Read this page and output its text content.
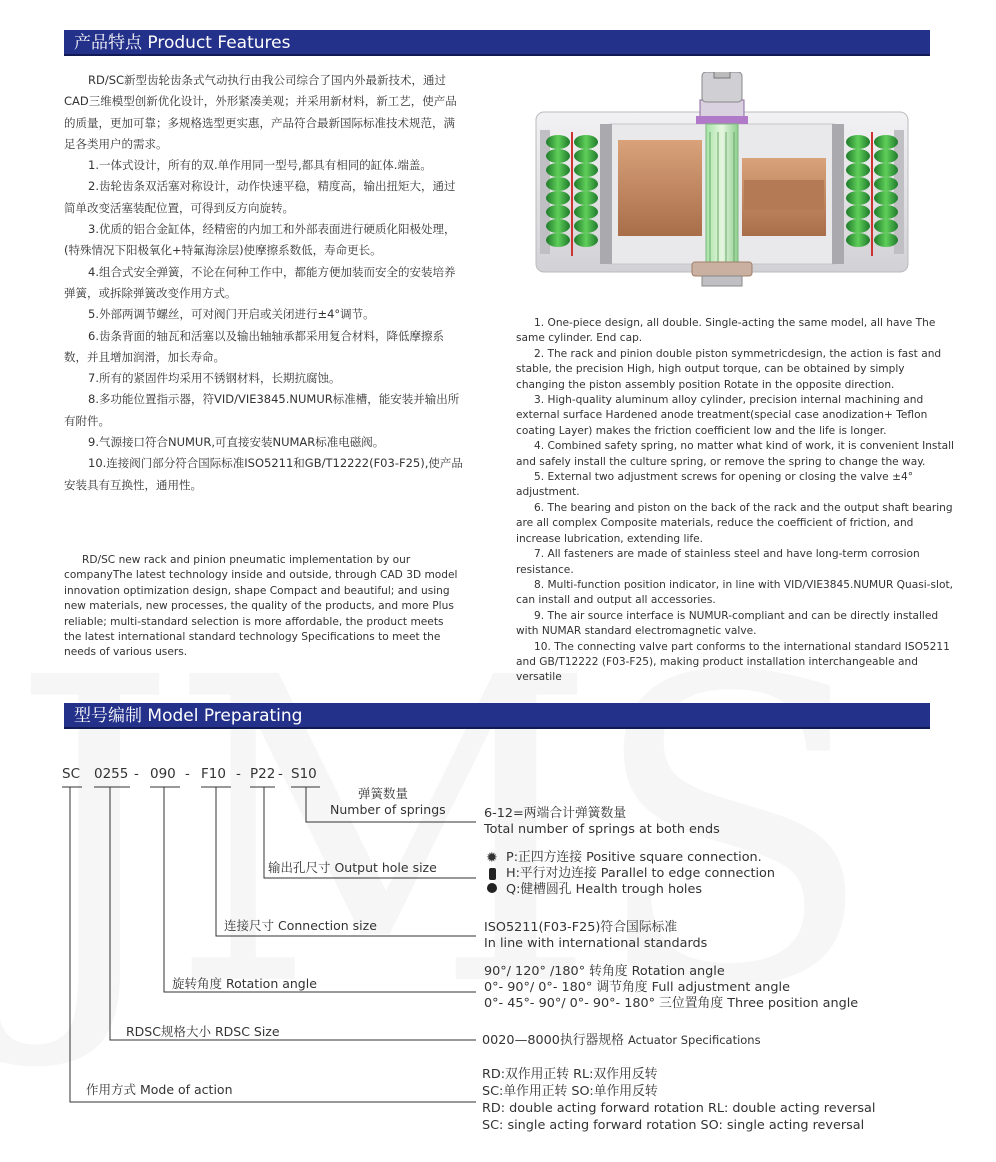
产品特点 Product Features

RD/SC新型齿轮齿条式气动执行由我公司综合了国内外最新技术，通过CAD三维模型创新优化设计，外形紧凑美观；并采用新材料，新工艺，使产品的质量，更加可靠；多规格选型更实惠，产品符合最新国际标准技术规范，满足各类用户的需求。

1.一体式设计，所有的双.单作用同一型号,都具有相同的缸体.端盖。

2.齿轮齿条双活塞对称设计，动作快速平稳，精度高，输出扭矩大，通过简单改变活塞装配位置，可得到反方向旋转。

3.优质的铝合金缸体，经精密的内加工和外部表面进行硬质化阳极处理，(特殊情况下阳极氧化+特氟海涂层)使摩擦系数低，寿命更长。

4.组合式安全弹簧，不论在何种工作中，都能方便加装而安全的安装培养弹簧，或拆除弹簧改变作用方式。

5.外部两调节螺丝，可对阀门开启或关闭进行±4°调节。

6.齿条背面的轴瓦和活塞以及输出轴轴承都采用复合材料，降低摩擦系数，并且增加润滑，加长寿命。

7.所有的紧固件均采用不锈钢材料，长期抗腐蚀。

8.多功能位置指示器，符VID/VIE3845.NUMUR标准槽，能安装并输出所有附件。

9.气源接口符合NUMUR,可直接安装NUMAR标准电磁阀。

10.连接阀门部分符合国际标准ISO5211和GB/T12222(F03-F25),使产品安装具有互换性，通用性。

RD/SC new rack and pinion pneumatic implementation by our companyThe latest technology inside and outside, through CAD 3D model innovation optimization design, shape Compact and beautiful; and using new materials, new processes, the quality of the products, and more Plus reliable; multi-standard selection is more affordable, the product meets the latest international standard technology Specifications to meet the needs of various users.

1. One-piece design, all double. Single-acting the same model, all have The same cylinder. End cap.

2. The rack and pinion double piston symmetricdesign, the action is fast and stable, the precision High, high output torque, can be obtained by simply changing the piston assembly position Rotate in the opposite direction.

3. High-quality aluminum alloy cylinder, precision internal machining and external surface Hardened anode treatment(special case anodization+ Teflon coating Layer) makes the friction coefficient low and the life is longer.

4. Combined safety spring, no matter what kind of work, it is convenient Install and safely install the culture spring, or remove the spring to change the way.

5. External two adjustment screws for opening or closing the valve ±4° adjustment.

6. The bearing and piston on the back of the rack and the output shaft bearing are all complex Composite materials, reduce the coefficient of friction, and increase lubrication, extending life.

7. All fasteners are made of stainless steel and have long-term corrosion resistance.

8. Multi-function position indicator, in line with VID/VIE3845.NUMUR Quasi-slot, can install and output all accessories.

9. The air source interface is NUMUR-compliant and can be directly installed with NUMAR standard electromagnetic valve.

10. The connecting valve part conforms to the international standard ISO5211 and GB/T12222 (F03-F25), making product installation interchangeable and versatile

型号编制 Model Preparating
SC 0255 - 090 - F10 - P22 - S10
弹簧数量
Number of springs
输出孔尺寸 Output hole size
连接尺寸 Connection size
旋转角度 Rotation angle
RDSC规格大小 RDSC Size
作用方式 Mode of action
6-12=两端合计弹簧数量
Total number of springs at both ends
✹ P:正四方连接 Positive square connection.
H:平行对边连接 Parallel to edge connection
Q:健槽圆孔 Health trough holes
ISO5211(F03-F25)符合国际标准
In line with international standards
90°/ 120° /180° 转角度 Rotation angle
0°- 90°/ 0°- 180° 调节角度 Full adjustment angle
0°- 45°- 90°/ 0°- 90°- 180° 三位置角度 Three position angle
0020—8000执行器规格 Actuator Specifications
RD:双作用正转 RL:双作用反转
SC:单作用正转 SO:单作用反转
RD: double acting forward rotation RL: double acting reversal
SC: single acting forward rotation SO: single acting reversal
